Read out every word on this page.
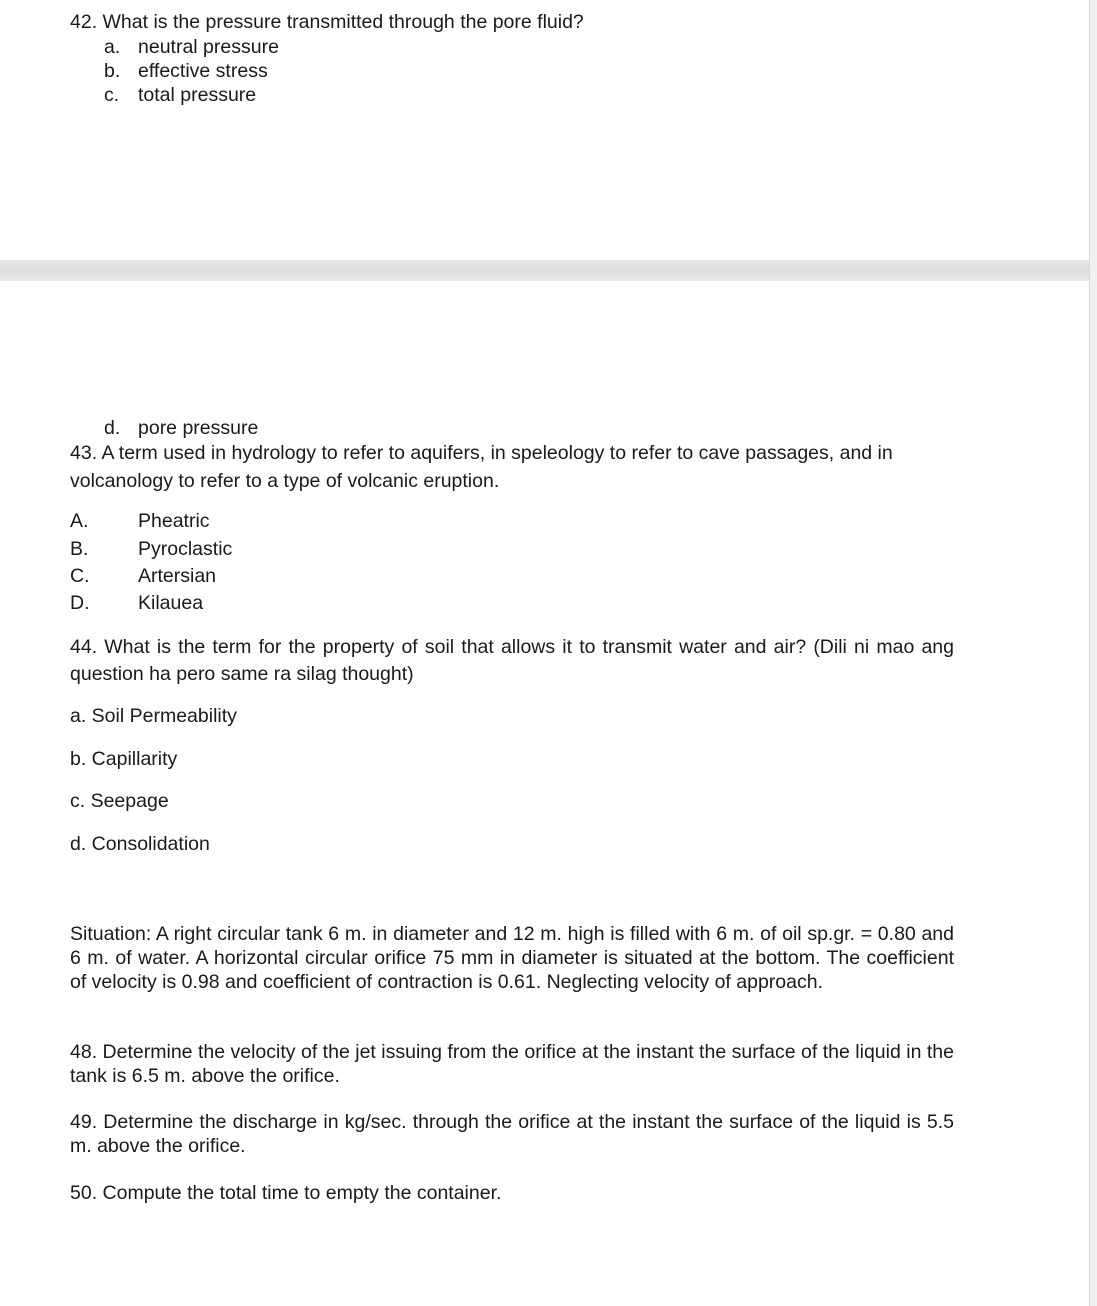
42. What is the pressure transmitted through the pore fluid?
a. neutral pressure
b. effective stress
c. total pressure
d. pore pressure
43. A term used in hydrology to refer to aquifers, in speleology to refer to cave passages, and in volcanology to refer to a type of volcanic eruption.
A.	Pheatric
B.	Pyroclastic
C. Artersian
D. Kilauea
44. What is the term for the property of soil that allows it to transmit water and air? (Dili ni mao ang question ha pero same ra silag thought)
a. Soil Permeability
b. Capillarity
c. Seepage
d. Consolidation
Situation: A right circular tank 6 m. in diameter and 12 m. high is filled with 6 m. of oil sp.gr. = 0.80 and 6 m. of water. A horizontal circular orifice 75 mm in diameter is situated at the bottom. The coefficient of velocity is 0.98 and coefficient of contraction is 0.61. Neglecting velocity of approach.
48. Determine the velocity of the jet issuing from the orifice at the instant the surface of the liquid in the tank is 6.5 m. above the orifice.
49. Determine the discharge in kg/sec. through the orifice at the instant the surface of the liquid is 5.5 m. above the orifice.
50. Compute the total time to empty the container.
